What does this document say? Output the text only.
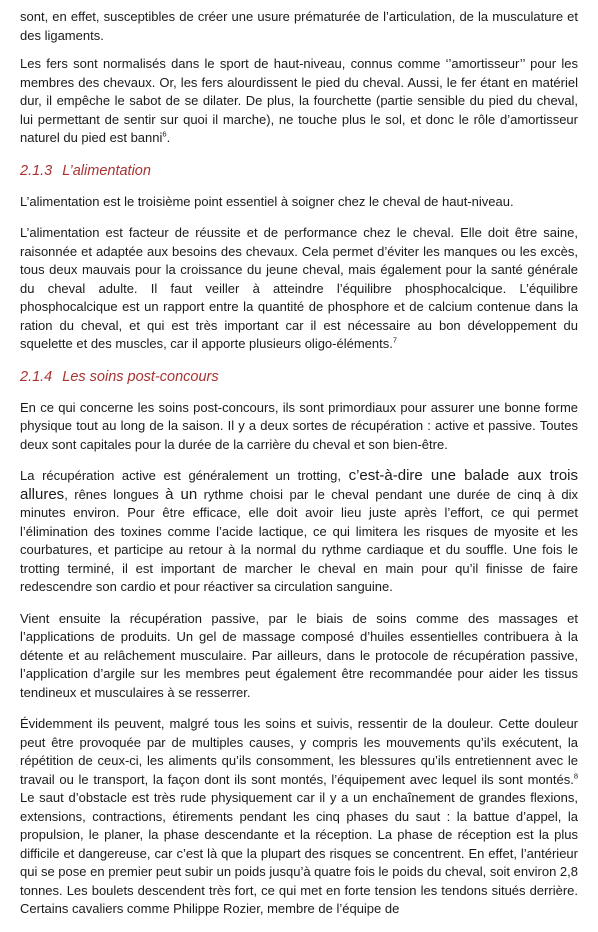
sont, en effet, susceptibles de créer une usure prématurée de l’articulation, de la musculature et des ligaments.

Les fers sont normalisés dans le sport de haut-niveau, connus comme ‘’amortisseur’’ pour les membres des chevaux. Or, les fers alourdissent le pied du cheval. Aussi, le fer étant en matériel dur, il empêche le sabot de se dilater. De plus, la fourchette (partie sensible du pied du cheval, lui permettant de sentir sur quoi il marche), ne touche plus le sol, et donc le rôle d’amortisseur naturel du pied est banni$^6$.

2.1.3 L’alimentation

L’alimentation est le troisième point essentiel à soigner chez le cheval de haut-niveau.

L’alimentation est facteur de réussite et de performance chez le cheval. Elle doit être saine, raisonnée et adaptée aux besoins des chevaux. Cela permet d’éviter les manques ou les excès, tous deux mauvais pour la croissance du jeune cheval, mais également pour la santé générale du cheval adulte. Il faut veiller à atteindre l’équilibre phosphocalcique. L’équilibre phosphocalcique est un rapport entre la quantité de phosphore et de calcium contenue dans la ration du cheval, et qui est très important car il est nécessaire au bon développement du squelette et des muscles, car il apporte plusieurs oligo-éléments.$^7$

2.1.4 Les soins post-concours

En ce qui concerne les soins post-concours, ils sont primordiaux pour assurer une bonne forme physique tout au long de la saison. Il y a deux sortes de récupération : active et passive. Toutes deux sont capitales pour la durée de la carrière du cheval et son bien-être.

La récupération active est généralement un trotting, c’est-à-dire une balade aux trois allures, rênes longues à un rythme choisi par le cheval pendant une durée de cinq à dix minutes environ. Pour être efficace, elle doit avoir lieu juste après l’effort, ce qui permet l’élimination des toxines comme l’acide lactique, ce qui limitera les risques de myosite et les courbatures, et participe au retour à la normal du rythme cardiaque et du souffle. Une fois le trotting terminé, il est important de marcher le cheval en main pour qu’il finisse de faire redescendre son cardio et pour réactiver sa circulation sanguine.

Vient ensuite la récupération passive, par le biais de soins comme des massages et l’applications de produits. Un gel de massage composé d’huiles essentielles contribuera à la détente et au relâchement musculaire. Par ailleurs, dans le protocole de récupération passive, l’application d’argile sur les membres peut également être recommandée pour aider les tissus tendineux et musculaires à se resserrer.

Évidemment ils peuvent, malgré tous les soins et suivis, ressentir de la douleur. Cette douleur peut être provoquée par de multiples causes, y compris les mouvements qu’ils exécutent, la répétition de ceux-ci, les aliments qu’ils consomment, les blessures qu’ils entretiennent avec le travail ou le transport, la façon dont ils sont montés, l’équipement avec lequel ils sont montés.$^8$ Le saut d’obstacle est très rude physiquement car il y a un enchaînement de grandes flexions, extensions, contractions, étirements pendant les cinq phases du saut : la battue d’appel, la propulsion, le planer, la phase descendante et la réception. La phase de réception est la plus difficile et dangereuse, car c’est là que la plupart des risques se concentrent. En effet, l’antérieur qui se pose en premier peut subir un poids jusqu’à quatre fois le poids du cheval, soit environ 2,8 tonnes. Les boulets descendent très fort, ce qui met en forte tension les tendons situés derrière. Certains cavaliers comme Philippe Rozier, membre de l’équipe de
